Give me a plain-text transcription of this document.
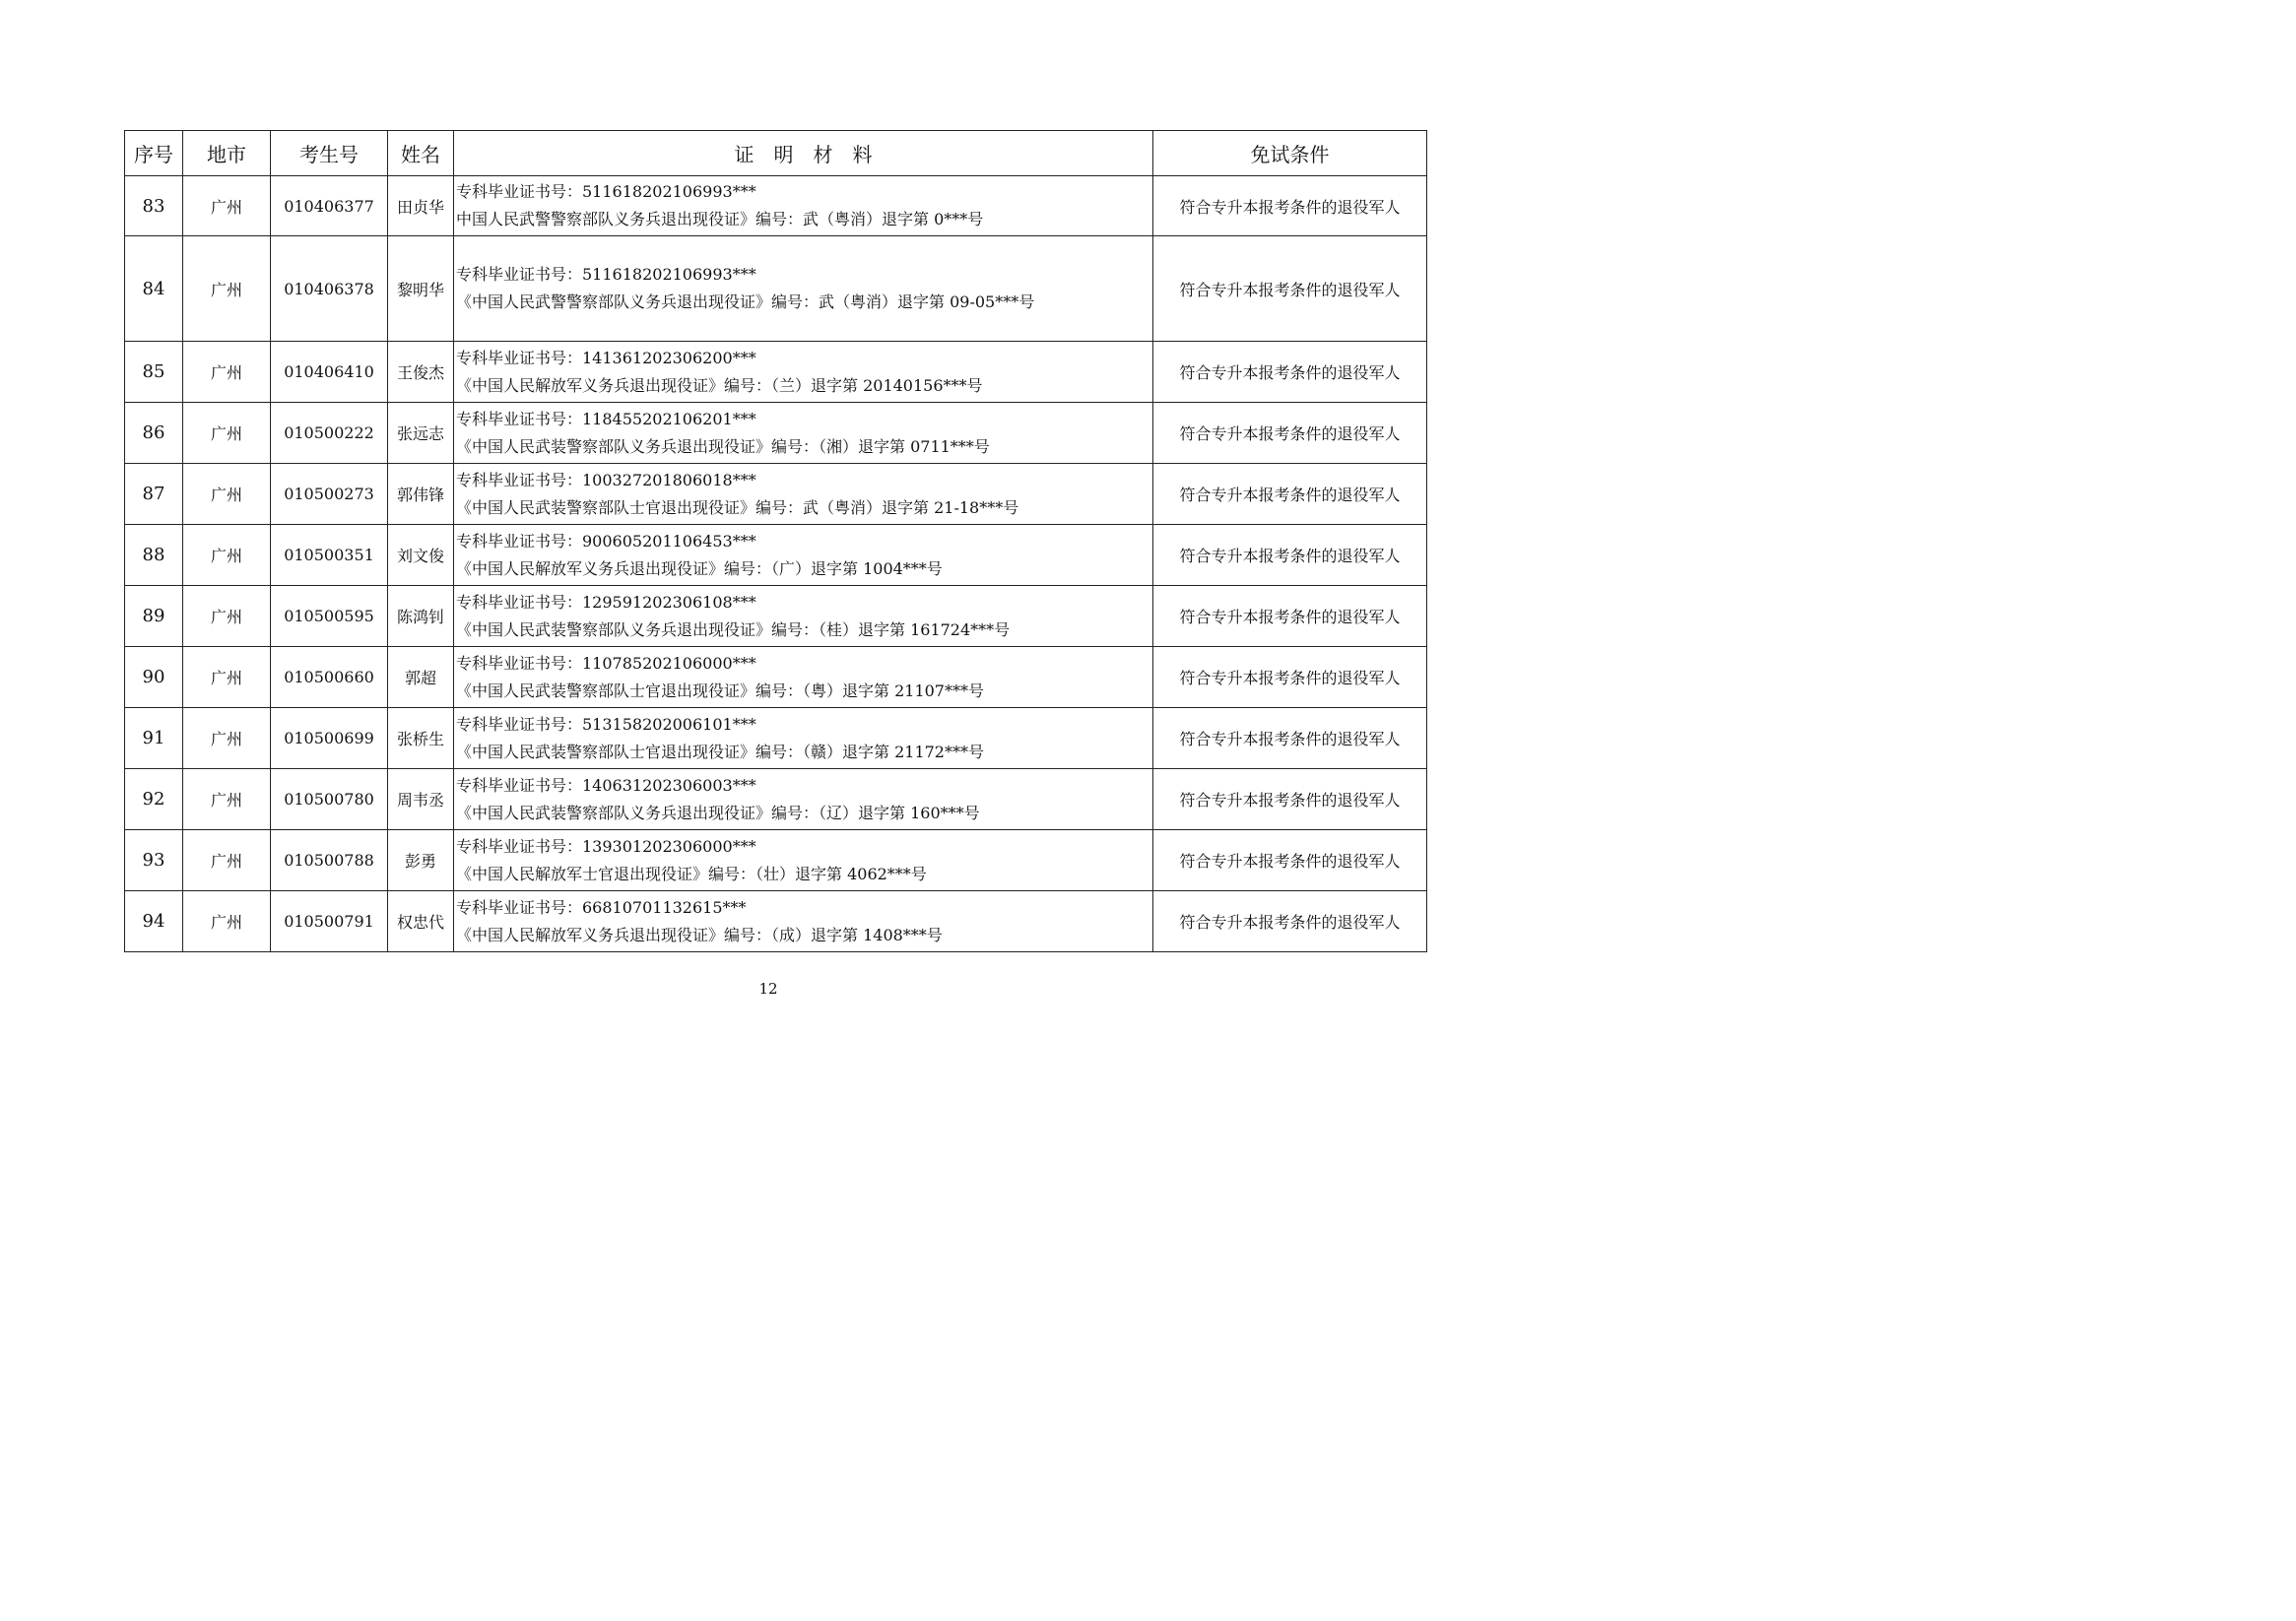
序号	地市	考生号	姓名	证　明　材　料	免试条件
83	广州	010406377	田贞华	专科毕业证书号：511618202106993***
中国人民武警警察部队义务兵退出现役证》编号：武（粤消）退字第 0***号	符合专升本报考条件的退役军人
84	广州	010406378	黎明华	专科毕业证书号：511618202106993***
《中国人民武警警察部队义务兵退出现役证》编号：武（粤消）退字第 09-05***号	符合专升本报考条件的退役军人
85	广州	010406410	王俊杰	专科毕业证书号：141361202306200***
《中国人民解放军义务兵退出现役证》编号：（兰）退字第 20140156***号	符合专升本报考条件的退役军人
86	广州	010500222	张远志	专科毕业证书号：118455202106201***
《中国人民武装警察部队义务兵退出现役证》编号：（湘）退字第 0711***号	符合专升本报考条件的退役军人
87	广州	010500273	郭伟锋	专科毕业证书号：100327201806018***
《中国人民武装警察部队士官退出现役证》编号：武（粤消）退字第 21-18***号	符合专升本报考条件的退役军人
88	广州	010500351	刘文俊	专科毕业证书号：900605201106453***
《中国人民解放军义务兵退出现役证》编号：（广）退字第 1004***号	符合专升本报考条件的退役军人
89	广州	010500595	陈鸿钊	专科毕业证书号：129591202306108***
《中国人民武装警察部队义务兵退出现役证》编号：（桂）退字第 161724***号	符合专升本报考条件的退役军人
90	广州	010500660	郭超	专科毕业证书号：110785202106000***
《中国人民武装警察部队士官退出现役证》编号：（粤）退字第 21107***号	符合专升本报考条件的退役军人
91	广州	010500699	张桥生	专科毕业证书号：513158202006101***
《中国人民武装警察部队士官退出现役证》编号：（赣）退字第 21172***号	符合专升本报考条件的退役军人
92	广州	010500780	周韦丞	专科毕业证书号：140631202306003***
《中国人民武装警察部队义务兵退出现役证》编号：（辽）退字第 160***号	符合专升本报考条件的退役军人
93	广州	010500788	彭勇	专科毕业证书号：139301202306000***
《中国人民解放军士官退出现役证》编号：（壮）退字第 4062***号	符合专升本报考条件的退役军人
94	广州	010500791	权忠代	专科毕业证书号：66810701132615***
《中国人民解放军义务兵退出现役证》编号：（成）退字第 1408***号	符合专升本报考条件的退役军人
12
